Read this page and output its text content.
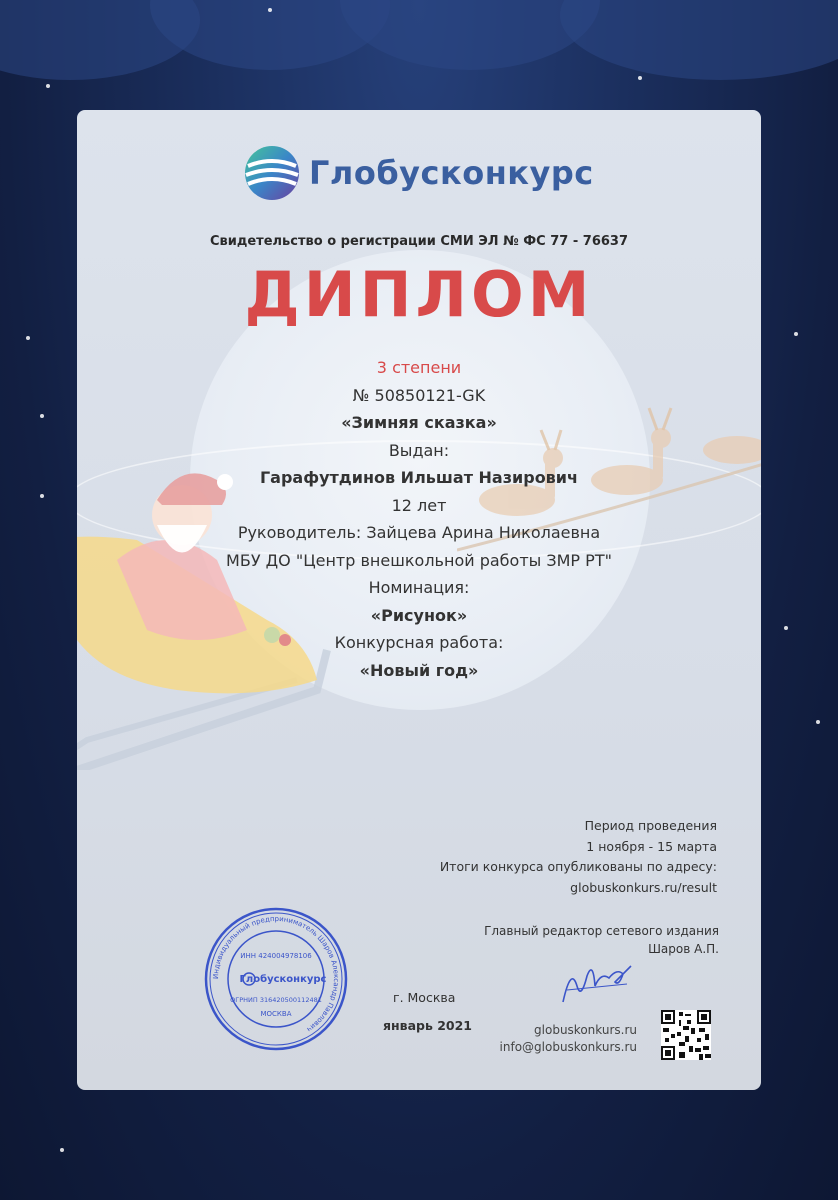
Глобусконкурс
Свидетельство о регистрации СМИ ЭЛ № ФС 77 - 76637
ДИПЛОМ
3 степени
№ 50850121-GK
«Зимняя сказка»
Выдан:
Гарафутдинов Ильшат Назирович
12 лет
Руководитель: Зайцева Арина Николаевна
МБУ ДО "Центр внешкольной работы ЗМР РТ"
Номинация:
«Рисунок»
Конкурсная работа:
«Новый год»
Период проведения
1 ноября - 15 марта
Итоги конкурса опубликованы по адресу:
globuskonkurs.ru/result
Главный редактор сетевого издания
Шаров А.П.
г. Москва
январь 2021	globuskonkurs.ru
info@globuskonkurs.ru
Индивидуальный предприниматель Шаров Александр Павлович
ИНН 424004978106
Глобусконкурс
ОГРНИП 316420500112481
МОСКВА
